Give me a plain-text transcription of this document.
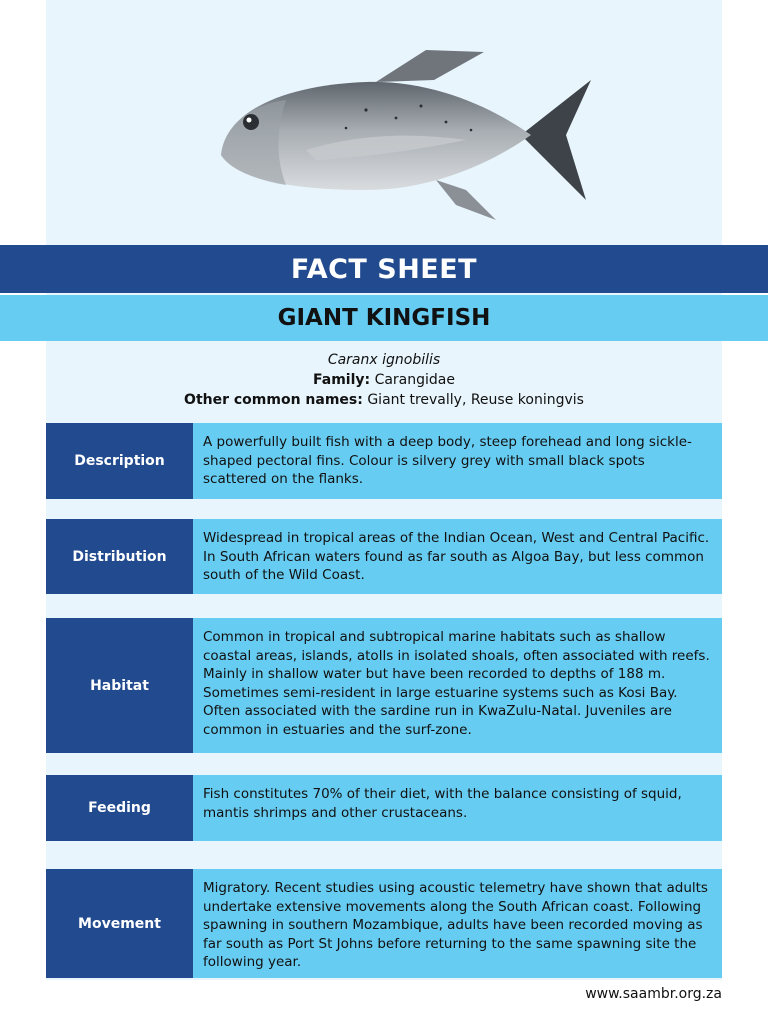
FACT SHEET
GIANT KINGFISH
Caranx ignobilis
Family: Carangidae
Other common names: Giant trevally, Reuse koningvis
Description
A powerfully built fish with a deep body, steep forehead and long sickle-shaped pectoral fins. Colour is silvery grey with small black spots scattered on the flanks.
Distribution
Widespread in tropical areas of the Indian Ocean, West and Central Pacific. In South African waters found as far south as Algoa Bay, but less common south of the Wild Coast.
Habitat
Common in tropical and subtropical marine habitats such as shallow coastal areas, islands, atolls in isolated shoals, often associated with reefs. Mainly in shallow water but have been recorded to depths of 188 m. Sometimes semi-resident in large estuarine systems such as Kosi Bay. Often associated with the sardine run in KwaZulu-Natal. Juveniles are common in estuaries and the surf-zone.
Feeding
Fish constitutes 70% of their diet, with the balance consisting of squid, mantis shrimps and other crustaceans.
Movement
Migratory. Recent studies using acoustic telemetry have shown that adults undertake extensive movements along the South African coast. Following spawning in southern Mozambique, adults have been recorded moving as far south as Port St Johns before returning to the same spawning site the following year.
www.saambr.org.za
